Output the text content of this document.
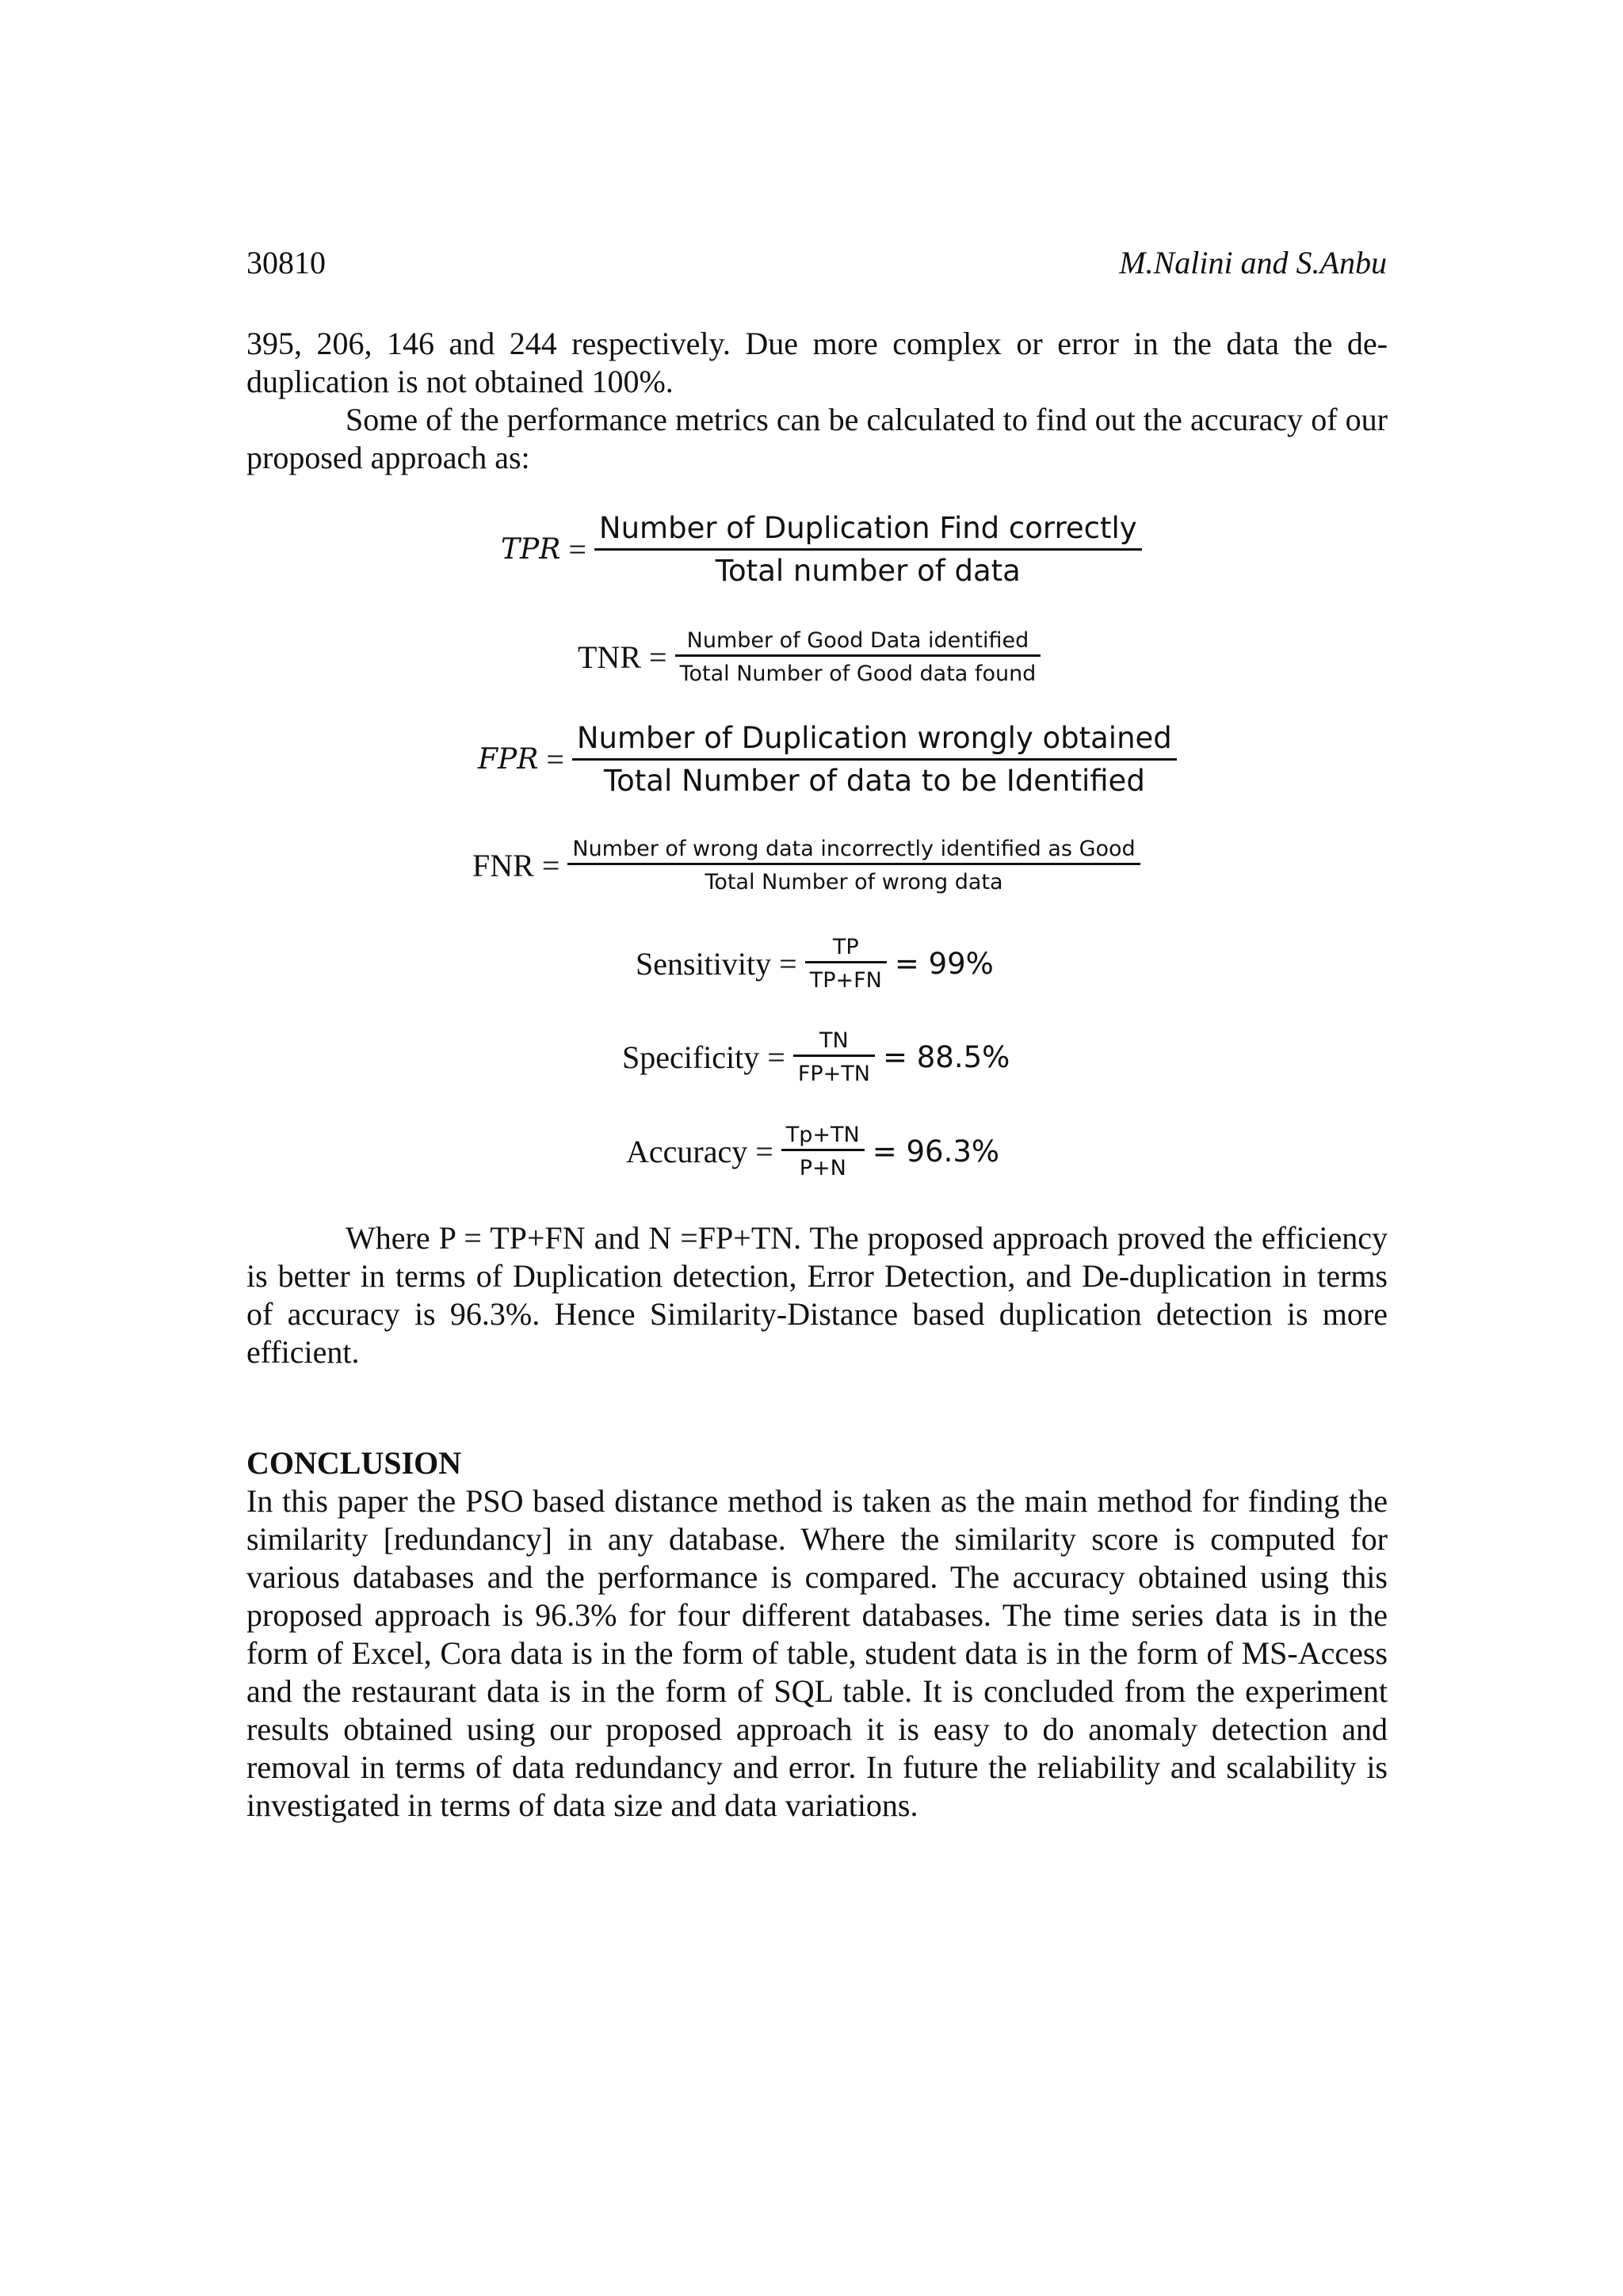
30810	M.Nalini and S.Anbu

395, 206, 146 and 244 respectively. Due more complex or error in the data the de-duplication is not obtained 100%.

Some of the performance metrics can be calculated to find out the accuracy of our proposed approach as:

TPR = $\frac{\text{Number of Duplication Find correctly}}{\text{Total number of data}}$
TNR = $\frac{\text{Number of Good Data identified}}{\text{Total Number of Good data found}}$
FPR = $\frac{\text{Number of Duplication wrongly obtained}}{\text{Total Number of data to be Identified}}$
FNR = $\frac{\text{Number of wrong data incorrectly identified as Good}}{\text{Total Number of wrong data}}$
Sensitivity = $\frac{TP}{TP+FN} = 99\%$
Specificity = $\frac{TN}{FP+TN} = 88.5\%$
Accuracy = $\frac{Tp+TN}{P+N} = 96.3\%$

Where P = TP+FN and N =FP+TN. The proposed approach proved the efficiency is better in terms of Duplication detection, Error Detection, and De-duplication in terms of accuracy is 96.3%. Hence Similarity-Distance based duplication detection is more efficient.

CONCLUSION

In this paper the PSO based distance method is taken as the main method for finding the similarity [redundancy] in any database. Where the similarity score is computed for various databases and the performance is compared. The accuracy obtained using this proposed approach is 96.3% for four different databases. The time series data is in the form of Excel, Cora data is in the form of table, student data is in the form of MS-Access and the restaurant data is in the form of SQL table. It is concluded from the experiment results obtained using our proposed approach it is easy to do anomaly detection and removal in terms of data redundancy and error. In future the reliability and scalability is investigated in terms of data size and data variations.
